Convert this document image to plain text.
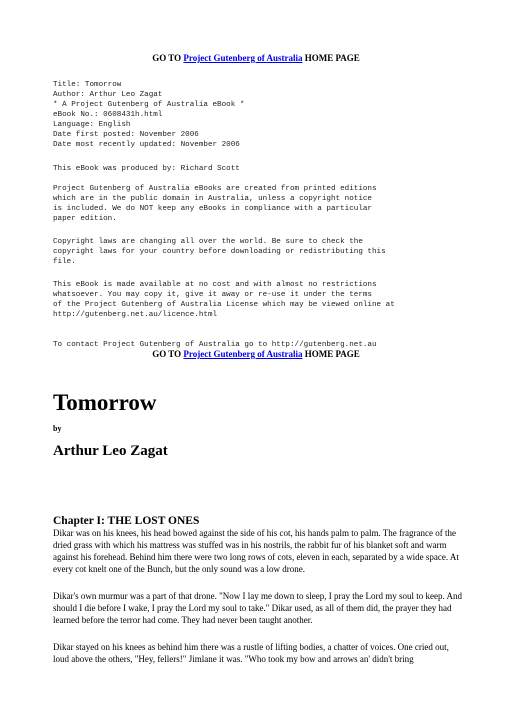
GO TO Project Gutenberg of Australia HOME PAGE
Title: Tomorrow
Author: Arthur Leo Zagat
* A Project Gutenberg of Australia eBook *
eBook No.: 0608431h.html
Language: English
Date first posted: November 2006
Date most recently updated: November 2006
This eBook was produced by: Richard Scott
Project Gutenberg of Australia eBooks are created from printed editions
which are in the public domain in Australia, unless a copyright notice
is included. We do NOT keep any eBooks in compliance with a particular
paper edition.
Copyright laws are changing all over the world. Be sure to check the
copyright laws for your country before downloading or redistributing this
file.
This eBook is made available at no cost and with almost no restrictions
whatsoever. You may copy it, give it away or re-use it under the terms
of the Project Gutenberg of Australia License which may be viewed online at
http://gutenberg.net.au/licence.html
To contact Project Gutenberg of Australia go to http://gutenberg.net.au
GO TO Project Gutenberg of Australia HOME PAGE
Tomorrow
by
Arthur Leo Zagat
Chapter I: THE LOST ONES

Dikar was on his knees, his head bowed against the side of his cot, his hands palm to palm. The fragrance of the dried grass with which his mattress was stuffed was in his nostrils, the rabbit fur of his blanket soft and warm against his forehead. Behind him there were two long rows of cots, eleven in each, separated by a wide space. At every cot knelt one of the Bunch, but the only sound was a low drone.

Dikar's own murmur was a part of that drone. "Now I lay me down to sleep, I pray the Lord my soul to keep. And should I die before I wake, I pray the Lord my soul to take." Dikar used, as all of them did, the prayer they had learned before the terror had come. They had never been taught another.

Dikar stayed on his knees as behind him there was a rustle of lifting bodies, a chatter of voices. One cried out, loud above the others, "Hey, fellers!" Jimlane it was. "Who took my bow and arrows an' didn't bring
